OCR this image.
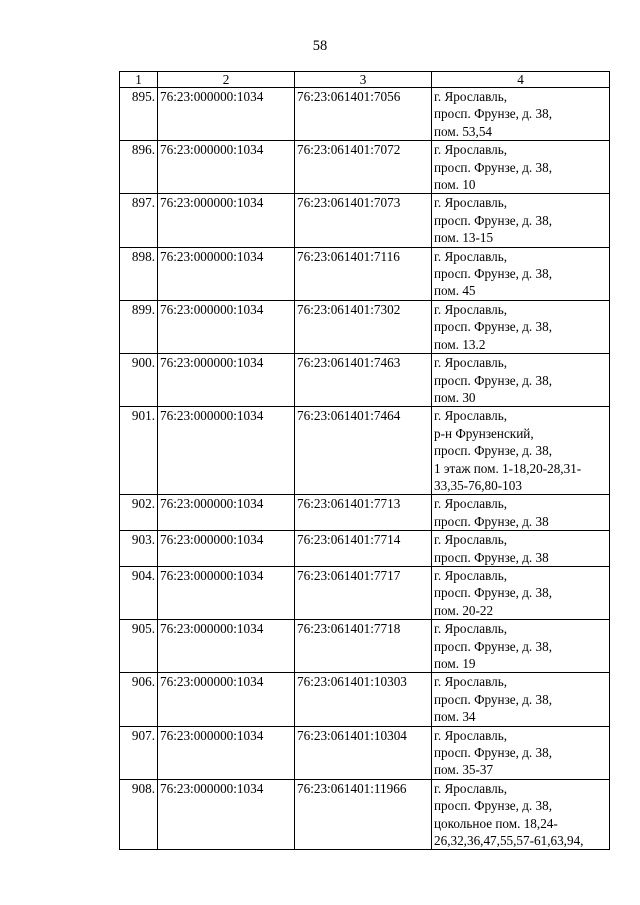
58
1	2	3	4
895.	76:23:000000:1034	76:23:061401:7056	г. Ярославль,
просп. Фрунзе, д. 38,
пом. 53,54

896.	76:23:000000:1034	76:23:061401:7072	г. Ярославль,
просп. Фрунзе, д. 38,
пом. 10

897.	76:23:000000:1034	76:23:061401:7073	г. Ярославль,
просп. Фрунзе, д. 38,
пом. 13-15

898.	76:23:000000:1034	76:23:061401:7116	г. Ярославль,
просп. Фрунзе, д. 38,
пом. 45

899.	76:23:000000:1034	76:23:061401:7302	г. Ярославль,
просп. Фрунзе, д. 38,
пом. 13.2

900.	76:23:000000:1034	76:23:061401:7463	г. Ярославль,
просп. Фрунзе, д. 38,
пом. 30

901.	76:23:000000:1034	76:23:061401:7464	г. Ярославль,
р-н Фрунзенский,
просп. Фрунзе, д. 38,
1 этаж пом. 1-18,20-28,31-
33,35-76,80-103

902.	76:23:000000:1034	76:23:061401:7713	г. Ярославль,
просп. Фрунзе, д. 38

903.	76:23:000000:1034	76:23:061401:7714	г. Ярославль,
просп. Фрунзе, д. 38

904.	76:23:000000:1034	76:23:061401:7717	г. Ярославль,
просп. Фрунзе, д. 38,
пом. 20-22

905.	76:23:000000:1034	76:23:061401:7718	г. Ярославль,
просп. Фрунзе, д. 38,
пом. 19

906.	76:23:000000:1034	76:23:061401:10303	г. Ярославль,
просп. Фрунзе, д. 38,
пом. 34

907.	76:23:000000:1034	76:23:061401:10304	г. Ярославль,
просп. Фрунзе, д. 38,
пом. 35-37

908.	76:23:000000:1034	76:23:061401:11966	г. Ярославль,
просп. Фрунзе, д. 38,
цокольное пом. 18,24-
26,32,36,47,55,57-61,63,94,
